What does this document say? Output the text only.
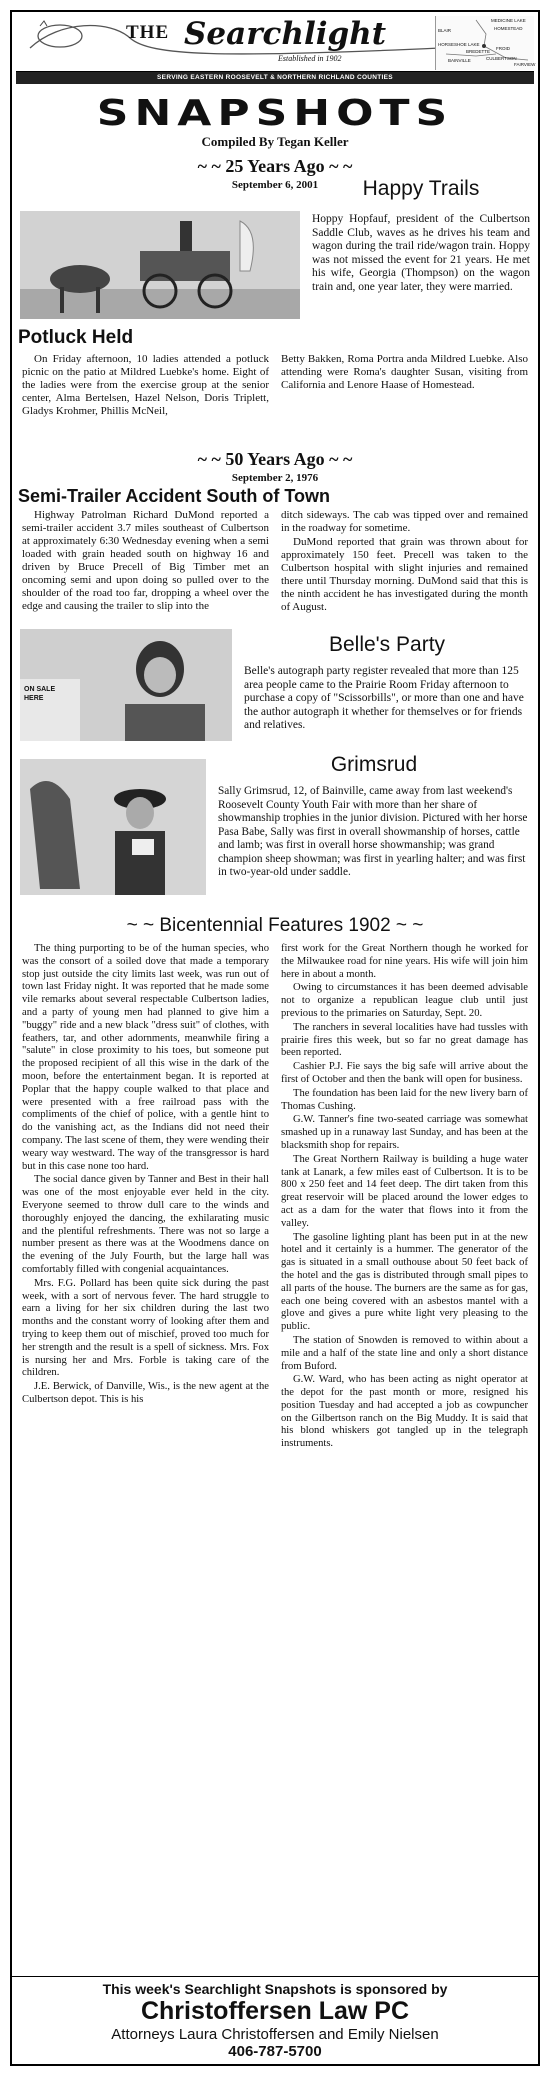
THE Searchlight
Established in 1902
MEDICINE LAKE
HOMESTEAD
HORSESHOE LAKE
BREDETTE
FROID
CULBERTSON
BAINVILLE
FAIRVIEW
BLAIR
SERVING EASTERN ROOSEVELT & NORTHERN RICHLAND COUNTIES
SNAPSHOTS
Compiled By Tegan Keller
~ ~ 25 Years Ago ~ ~
September 6, 2001	Happy Trails
Hoppy Hopfauf, president of the Culbertson Saddle Club, waves as he drives his team and wagon during the trail ride/wagon train. Hoppy was not missed the event for 21 years. He met his wife, Georgia (Thompson) on the wagon train and, one year later, they were married.
Potluck Held

On Friday afternoon, 10 ladies attended a potluck picnic on the patio at Mildred Luebke's home. Eight of the ladies were from the exercise group at the senior center, Alma Bertelsen, Hazel Nelson, Doris Triplett, Gladys Krohmer, Phillis McNeil,

Betty Bakken, Roma Portra anda Mildred Luebke. Also attending were Roma's daughter Susan, visiting from California and Lenore Haase of Homestead.

~ ~ 50 Years Ago ~ ~
September 2, 1976
Semi-Trailer Accident South of Town

Highway Patrolman Richard DuMond reported a semi-trailer accident 3.7 miles southeast of Culbertson at approximately 6:30 Wednesday evening when a semi loaded with grain headed south on highway 16 and driven by Bruce Precell of Big Timber met an oncoming semi and upon doing so pulled over to the shoulder of the road too far, dropping a wheel over the edge and causing the trailer to slip into the

ditch sideways. The cab was tipped over and remained in the roadway for sometime.

DuMond reported that grain was thrown about for approximately 150 feet. Precell was taken to the Culbertson hospital with slight injuries and remained there until Thursday morning. DuMond said that this is the ninth accident he has investigated during the month of August.

ON SALE HERE
Belle's Party
Belle's autograph party register revealed that more than 125 area people came to the Prairie Room Friday afternoon to purchase a copy of "Scissorbills", or more than one and have the author autograph it whether for themselves or for friends and relatives.
Grimsrud
Sally Grimsrud, 12, of Bainville, came away from last weekend's Roosevelt County Youth Fair with more than her share of showmanship trophies in the junior division. Pictured with her horse Pasa Babe, Sally was first in overall showmanship of horses, cattle and lamb; was first in overall horse showmanship; was grand champion sheep showman; was first in yearling halter; and was first in two-year-old under saddle.
~ ~ Bicentennial Features 1902 ~ ~

The thing purporting to be of the human species, who was the consort of a soiled dove that made a temporary stop just outside the city limits last week, was run out of town last Friday night. It was reported that he made some vile remarks about several respectable Culbertson ladies, and a party of young men had planned to give him a "buggy" ride and a new black "dress suit" of clothes, with feathers, tar, and other adornments, meanwhile firing a "salute" in close proximity to his toes, but someone put the proposed recipient of all this wise in the dark of the moon, before the entertainment began. It is reported at Poplar that the happy couple walked to that place and were presented with a free railroad pass with the compliments of the chief of police, with a gentle hint to do the vanishing act, as the Indians did not need their company. The last scene of them, they were wending their weary way westward. The way of the transgressor is hard but in this case none too hard.

The social dance given by Tanner and Best in their hall was one of the most enjoyable ever held in the city. Everyone seemed to throw dull care to the winds and thoroughly enjoyed the dancing, the exhilarating music and the plentiful refreshments. There was not so large a number present as there was at the Woodmens dance on the evening of the July Fourth, but the large hall was comfortably filled with congenial acquaintances.

Mrs. F.G. Pollard has been quite sick during the past week, with a sort of nervous fever. The hard struggle to earn a living for her six children during the last two months and the constant worry of looking after them and trying to keep them out of mischief, proved too much for her strength and the result is a spell of sickness. Mrs. Fox is nursing her and Mrs. Forble is taking care of the children.

J.E. Berwick, of Danville, Wis., is the new agent at the Culbertson depot. This is his

first work for the Great Northern though he worked for the Milwaukee road for nine years. His wife will join him here in about a month.

Owing to circumstances it has been deemed advisable not to organize a republican league club until just previous to the primaries on Saturday, Sept. 20.

The ranchers in several localities have had tussles with prairie fires this week, but so far no great damage has been reported.

Cashier P.J. Fie says the big safe will arrive about the first of October and then the bank will open for business.

The foundation has been laid for the new livery barn of Thomas Cushing.

G.W. Tanner's fine two-seated carriage was somewhat smashed up in a runaway last Sunday, and has been at the blacksmith shop for repairs.

The Great Northern Railway is building a huge water tank at Lanark, a few miles east of Culbertson. It is to be 800 x 250 feet and 14 feet deep. The dirt taken from this great reservoir will be placed around the lower edges to act as a dam for the water that flows into it from the valley.

The gasoline lighting plant has been put in at the new hotel and it certainly is a hummer. The generator of the gas is situated in a small outhouse about 50 feet back of the hotel and the gas is distributed through small pipes to all parts of the house. The burners are the same as for gas, each one being covered with an asbestos mantel with a glove and gives a pure white light very pleasing to the public.

The station of Snowden is removed to within about a mile and a half of the state line and only a short distance from Buford.

G.W. Ward, who has been acting as night operator at the depot for the past month or more, resigned his position Tuesday and had accepted a job as cowpuncher on the Gilbertson ranch on the Big Muddy. It is said that his blond whiskers got tangled up in the telegraph instruments.

This week's Searchlight Snapshots is sponsored by
Christoffersen Law PC
Attorneys Laura Christoffersen and Emily Nielsen
406-787-5700
